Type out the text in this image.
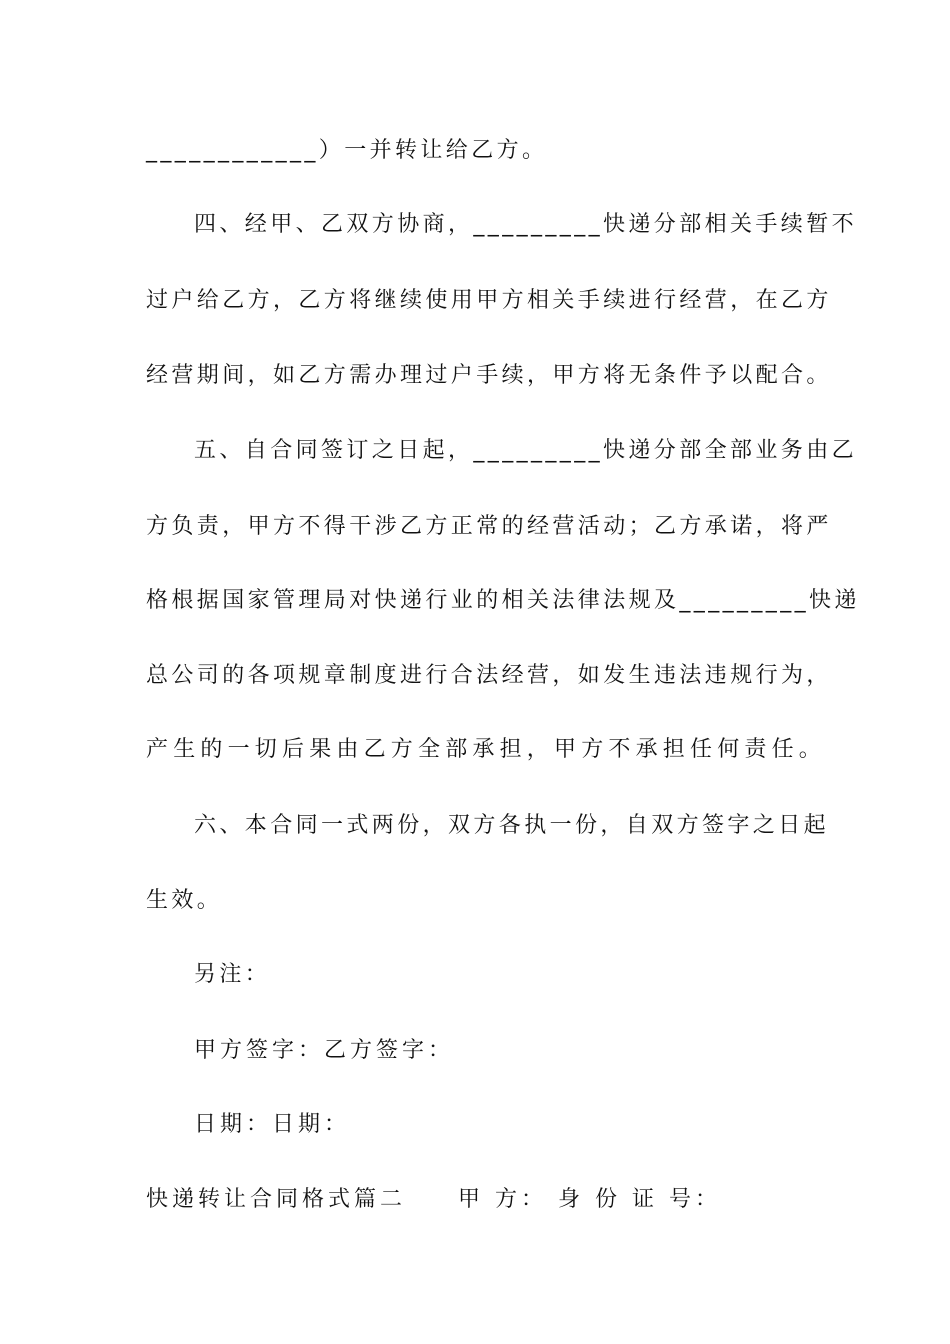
____________）一并转让给乙方。
四、经甲、乙双方协商，_________快递分部相关手续暂不
过户给乙方，乙方将继续使用甲方相关手续进行经营，在乙方
经营期间，如乙方需办理过户手续，甲方将无条件予以配合。
五、自合同签订之日起，_________快递分部全部业务由乙
方负责，甲方不得干涉乙方正常的经营活动；乙方承诺，将严
格根据国家管理局对快递行业的相关法律法规及_________快递
总公司的各项规章制度进行合法经营，如发生违法违规行为，
产生的一切后果由乙方全部承担，甲方不承担任何责任。
六、本合同一式两份，双方各执一份，自双方签字之日起
生效。
另注：
甲方签字：乙方签字：
日期：日期：
快递转让合同格式篇二　　甲 方： 身 份 证 号：
